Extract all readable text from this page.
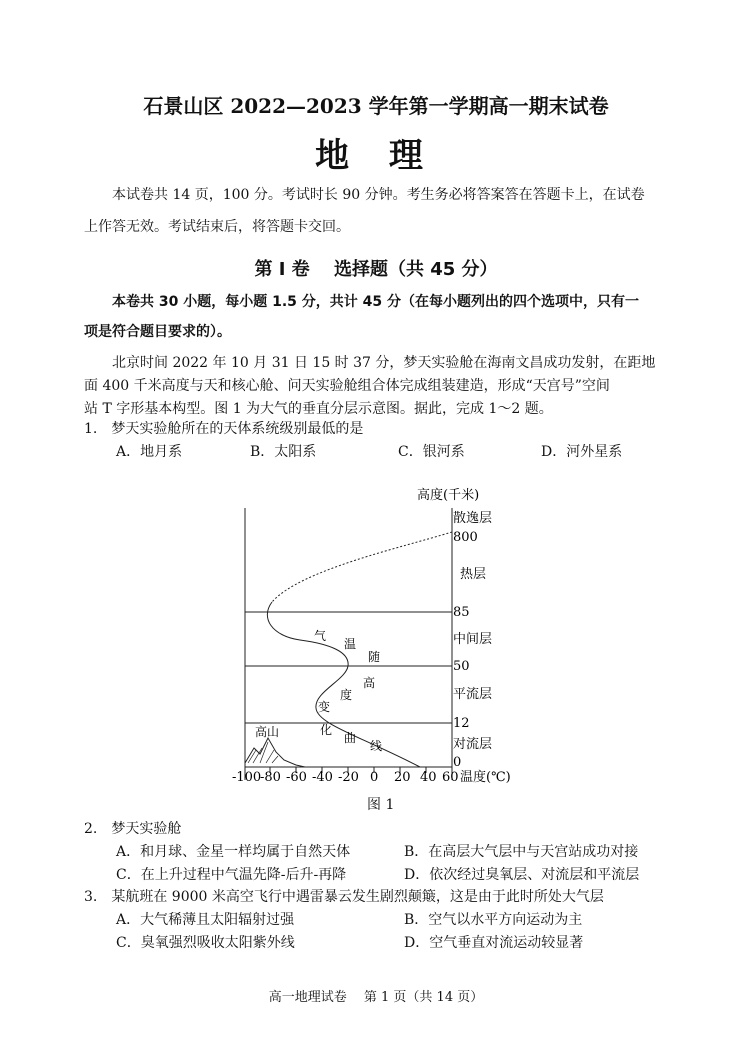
石景山区 2022—2023 学年第一学期高一期末试卷
地 理
本试卷共 14 页，100 分。考试时长 90 分钟。考生务必将答案答在答题卡上，在试卷
上作答无效。考试结束后，将答题卡交回。
第 I 卷　 选择题（共 45 分）
本卷共 30 小题，每小题 1.5 分，共计 45 分（在每小题列出的四个选项中，只有一
项是符合题目要求的）。
北京时间 2022 年 10 月 31 日 15 时 37 分，梦天实验舱在海南文昌成功发射，在距地
面 400 千米高度与天和核心舱、问天实验舱组合体完成组装建造，形成“天宫号”空间
站 T 字形基本构型。图 1 为大气的垂直分层示意图。据此，完成 1～2 题。
1.　梦天实验舱所在的天体系统级别最低的是
A．地月系	B．太阳系	C．银河系	D．河外星系
高山
气
温
随
高
度
变
化
曲
线
高度(千米)
散逸层
800
热层
85
中间层
50
平流层
12
对流层
0
-100
-80 -60 -40 -20 0 20 40 60 温度(℃)
图 1
2.　梦天实验舱
A．和月球、金星一样均属于自然天体	B．在高层大气层中与天宫站成功对接
C．在上升过程中气温先降-后升-再降	D．依次经过臭氧层、对流层和平流层
3.　某航班在 9000 米高空飞行中遇雷暴云发生剧烈颠簸，这是由于此时所处大气层
A．大气稀薄且太阳辐射过强	B．空气以水平方向运动为主
C．臭氧强烈吸收太阳紫外线	D．空气垂直对流运动较显著
高一地理试卷　 第 1 页（共 14 页）
